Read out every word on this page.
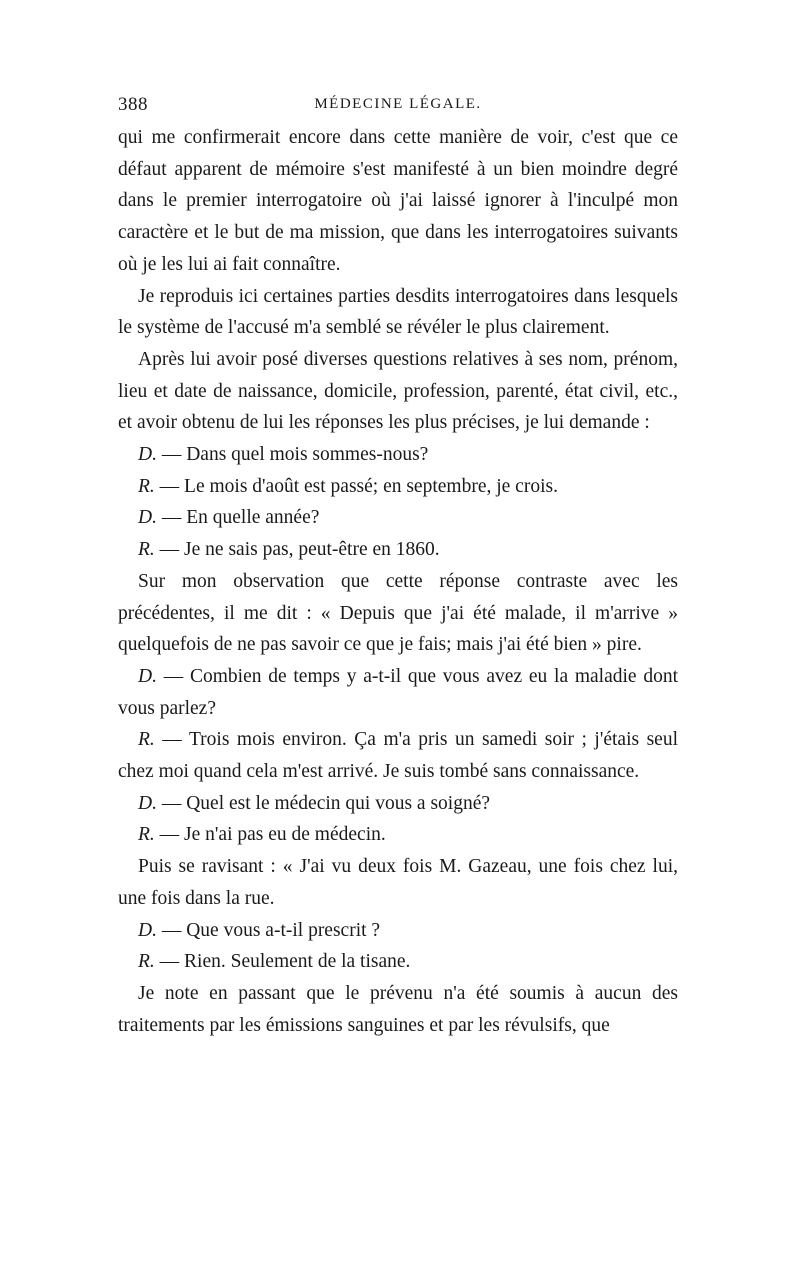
388	MÉDECINE LÉGALE.

qui me confirmerait encore dans cette manière de voir, c'est que ce défaut apparent de mémoire s'est manifesté à un bien moindre degré dans le premier interrogatoire où j'ai laissé ignorer à l'inculpé mon caractère et le but de ma mission, que dans les interrogatoires suivants où je les lui ai fait connaître.

Je reproduis ici certaines parties desdits interrogatoires dans lesquels le système de l'accusé m'a semblé se révéler le plus clairement.

Après lui avoir posé diverses questions relatives à ses nom, prénom, lieu et date de naissance, domicile, profession, parenté, état civil, etc., et avoir obtenu de lui les réponses les plus précises, je lui demande :

D. — Dans quel mois sommes-nous?

R. — Le mois d'août est passé; en septembre, je crois.

D. — En quelle année?

R. — Je ne sais pas, peut-être en 1860.

Sur mon observation que cette réponse contraste avec les précédentes, il me dit : « Depuis que j'ai été malade, il m'arrive » quelquefois de ne pas savoir ce que je fais; mais j'ai été bien » pire.

D. — Combien de temps y a-t-il que vous avez eu la maladie dont vous parlez?

R. — Trois mois environ. Ça m'a pris un samedi soir ; j'étais seul chez moi quand cela m'est arrivé. Je suis tombé sans connaissance.

D. — Quel est le médecin qui vous a soigné?

R. — Je n'ai pas eu de médecin.

Puis se ravisant : « J'ai vu deux fois M. Gazeau, une fois chez lui, une fois dans la rue.

D. — Que vous a-t-il prescrit ?

R. — Rien. Seulement de la tisane.

Je note en passant que le prévenu n'a été soumis à aucun des traitements par les émissions sanguines et par les révulsifs, que
